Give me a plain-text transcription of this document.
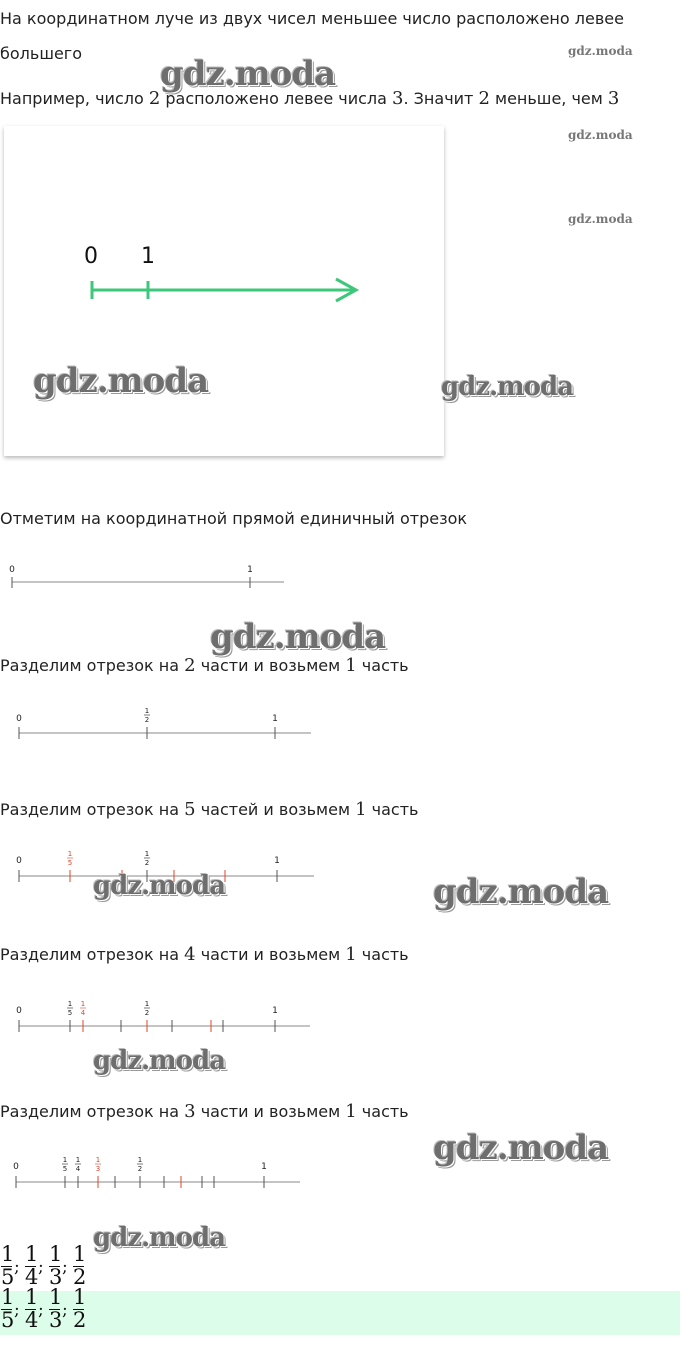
На координатном луче из двух чисел меньшее число расположено левее

большего

Например, число 2 расположено левее числа 3. Значит 2 меньше, чем 3

0 1

Отметим на координатной прямой единичный отрезок

0	1

Разделим отрезок на 2 части и возьмем 1 часть

0	1
1
2

Разделим отрезок на 5 частей и возьмем 1 часть

0	1
1
5
1
2

Разделим отрезок на 4 части и возьмем 1 часть

0	1
1
5
1
4
1
2

Разделим отрезок на 3 части и возьмем 1 часть

0	1
1
5
1
4
1
3
1
2
1
5 ;
1
4 ;
1
3 ;
1
2
1
5 ;
1
4 ;
1
3 ;
1
2
gdz.moda
gdz.moda
gdz.moda
gdz.moda
gdz.moda	gdz.moda
gdz.moda
gdz.moda	gdz.moda
gdz.moda
gdz.moda
gdz.moda
